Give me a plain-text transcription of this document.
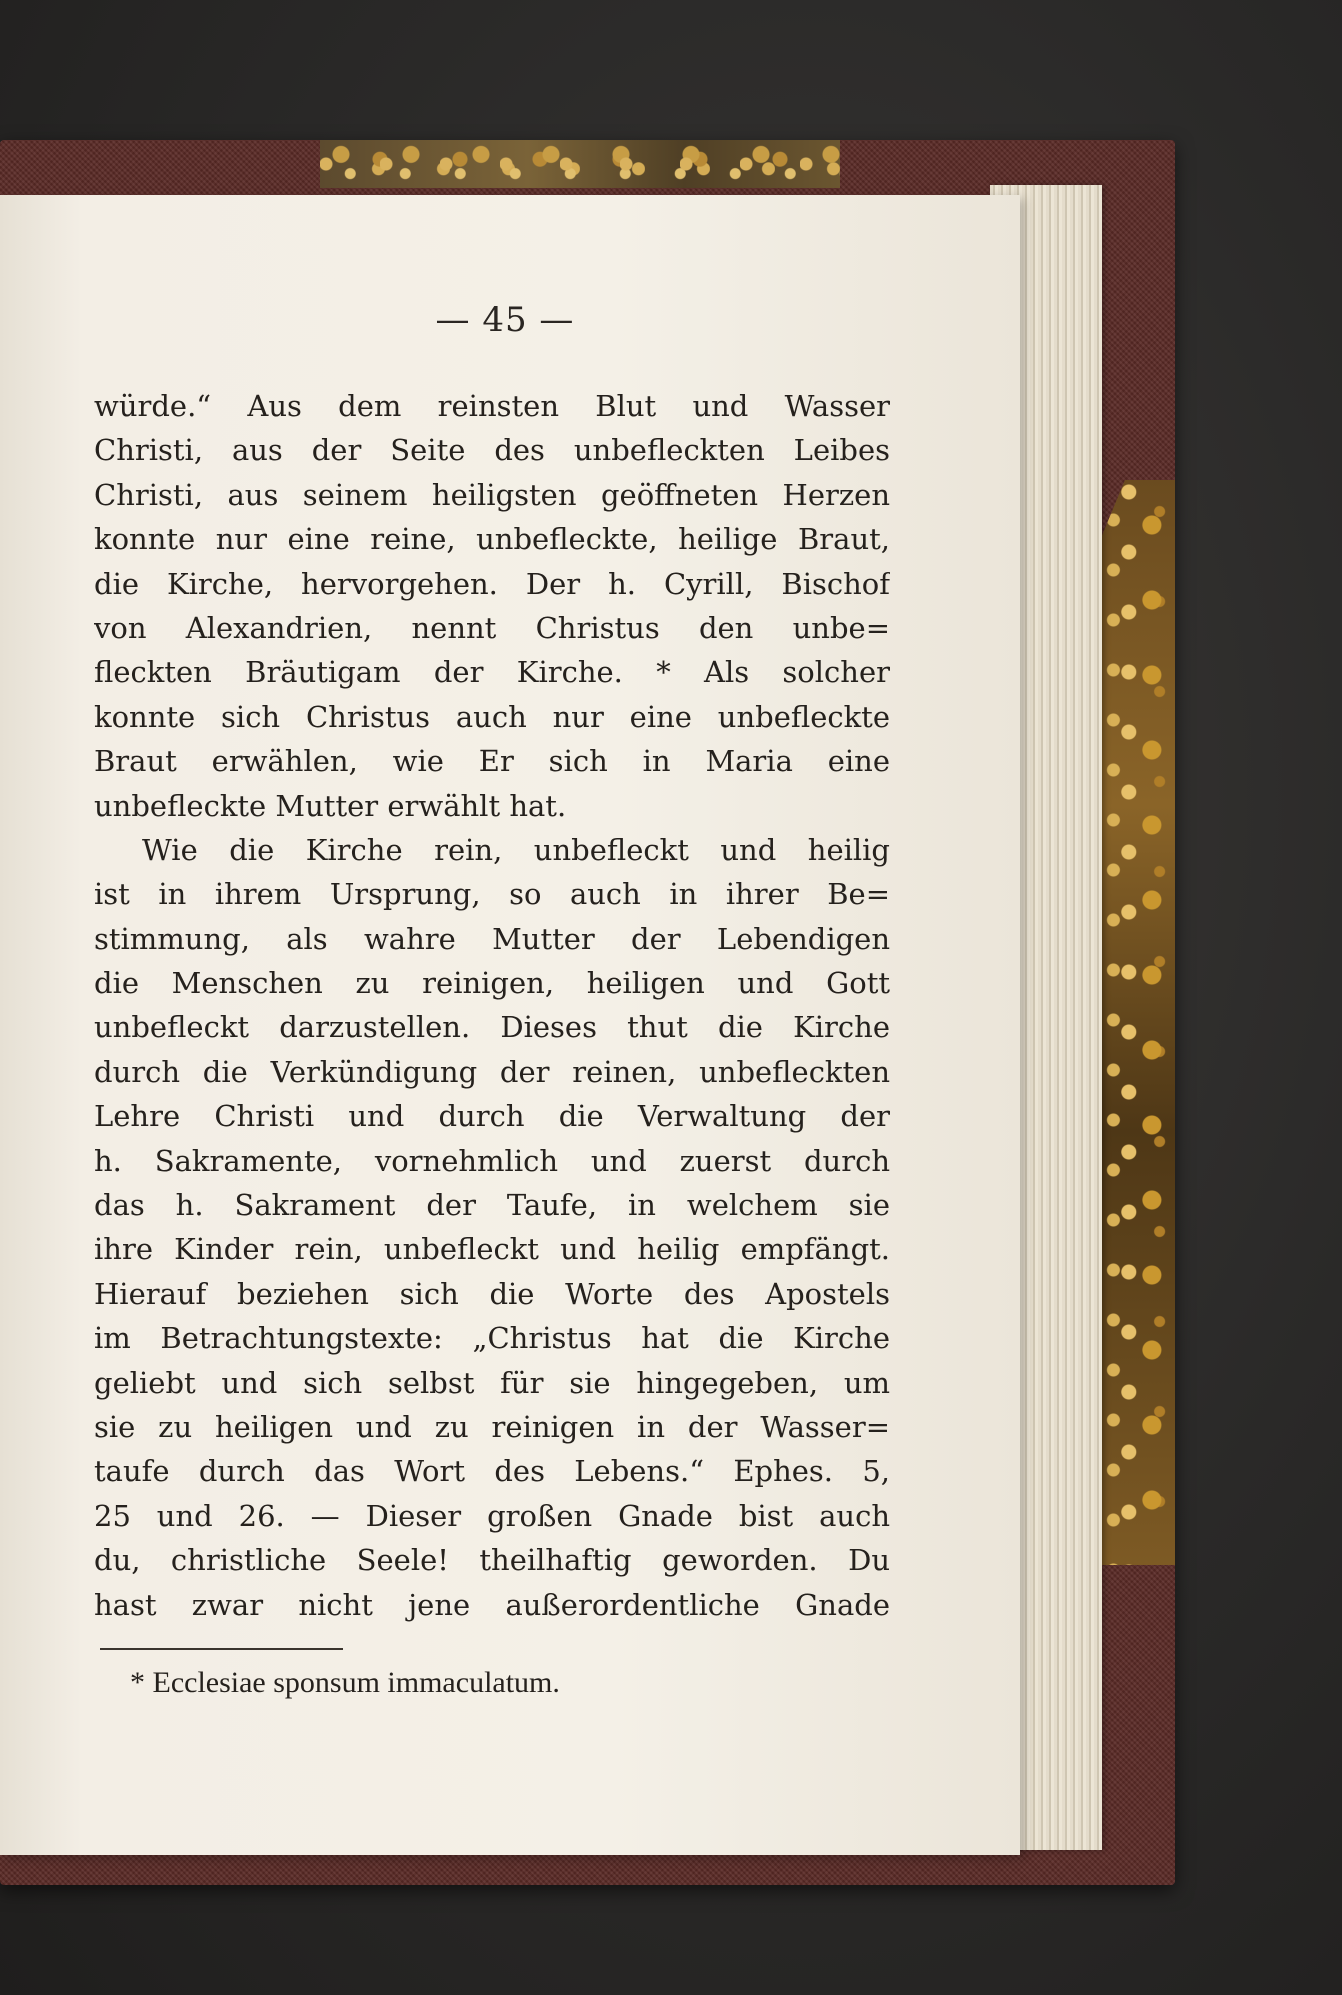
— 45 —
würde.“ Aus dem reinsten Blut und Wasser
Christi, aus der Seite des unbefleckten Leibes
Christi, aus seinem heiligsten geöffneten Herzen
konnte nur eine reine, unbefleckte, heilige Braut,
die Kirche, hervorgehen. Der h. Cyrill, Bischof
von Alexandrien, nennt Christus den unbe=
fleckten Bräutigam der Kirche. * Als solcher
konnte sich Christus auch nur eine unbefleckte
Braut erwählen, wie Er sich in Maria eine
unbefleckte Mutter erwählt hat.
Wie die Kirche rein, unbefleckt und heilig
ist in ihrem Ursprung, so auch in ihrer Be=
stimmung, als wahre Mutter der Lebendigen
die Menschen zu reinigen, heiligen und Gott
unbefleckt darzustellen. Dieses thut die Kirche
durch die Verkündigung der reinen, unbefleckten
Lehre Christi und durch die Verwaltung der
h. Sakramente, vornehmlich und zuerst durch
das h. Sakrament der Taufe, in welchem sie
ihre Kinder rein, unbefleckt und heilig empfängt.
Hierauf beziehen sich die Worte des Apostels
im Betrachtungstexte: „Christus hat die Kirche
geliebt und sich selbst für sie hingegeben, um
sie zu heiligen und zu reinigen in der Wasser=
taufe durch das Wort des Lebens.“ Ephes. 5,
25 und 26. — Dieser großen Gnade bist auch
du, christliche Seele! theilhaftig geworden. Du
hast zwar nicht jene außerordentliche Gnade
* Ecclesiae sponsum immaculatum.
